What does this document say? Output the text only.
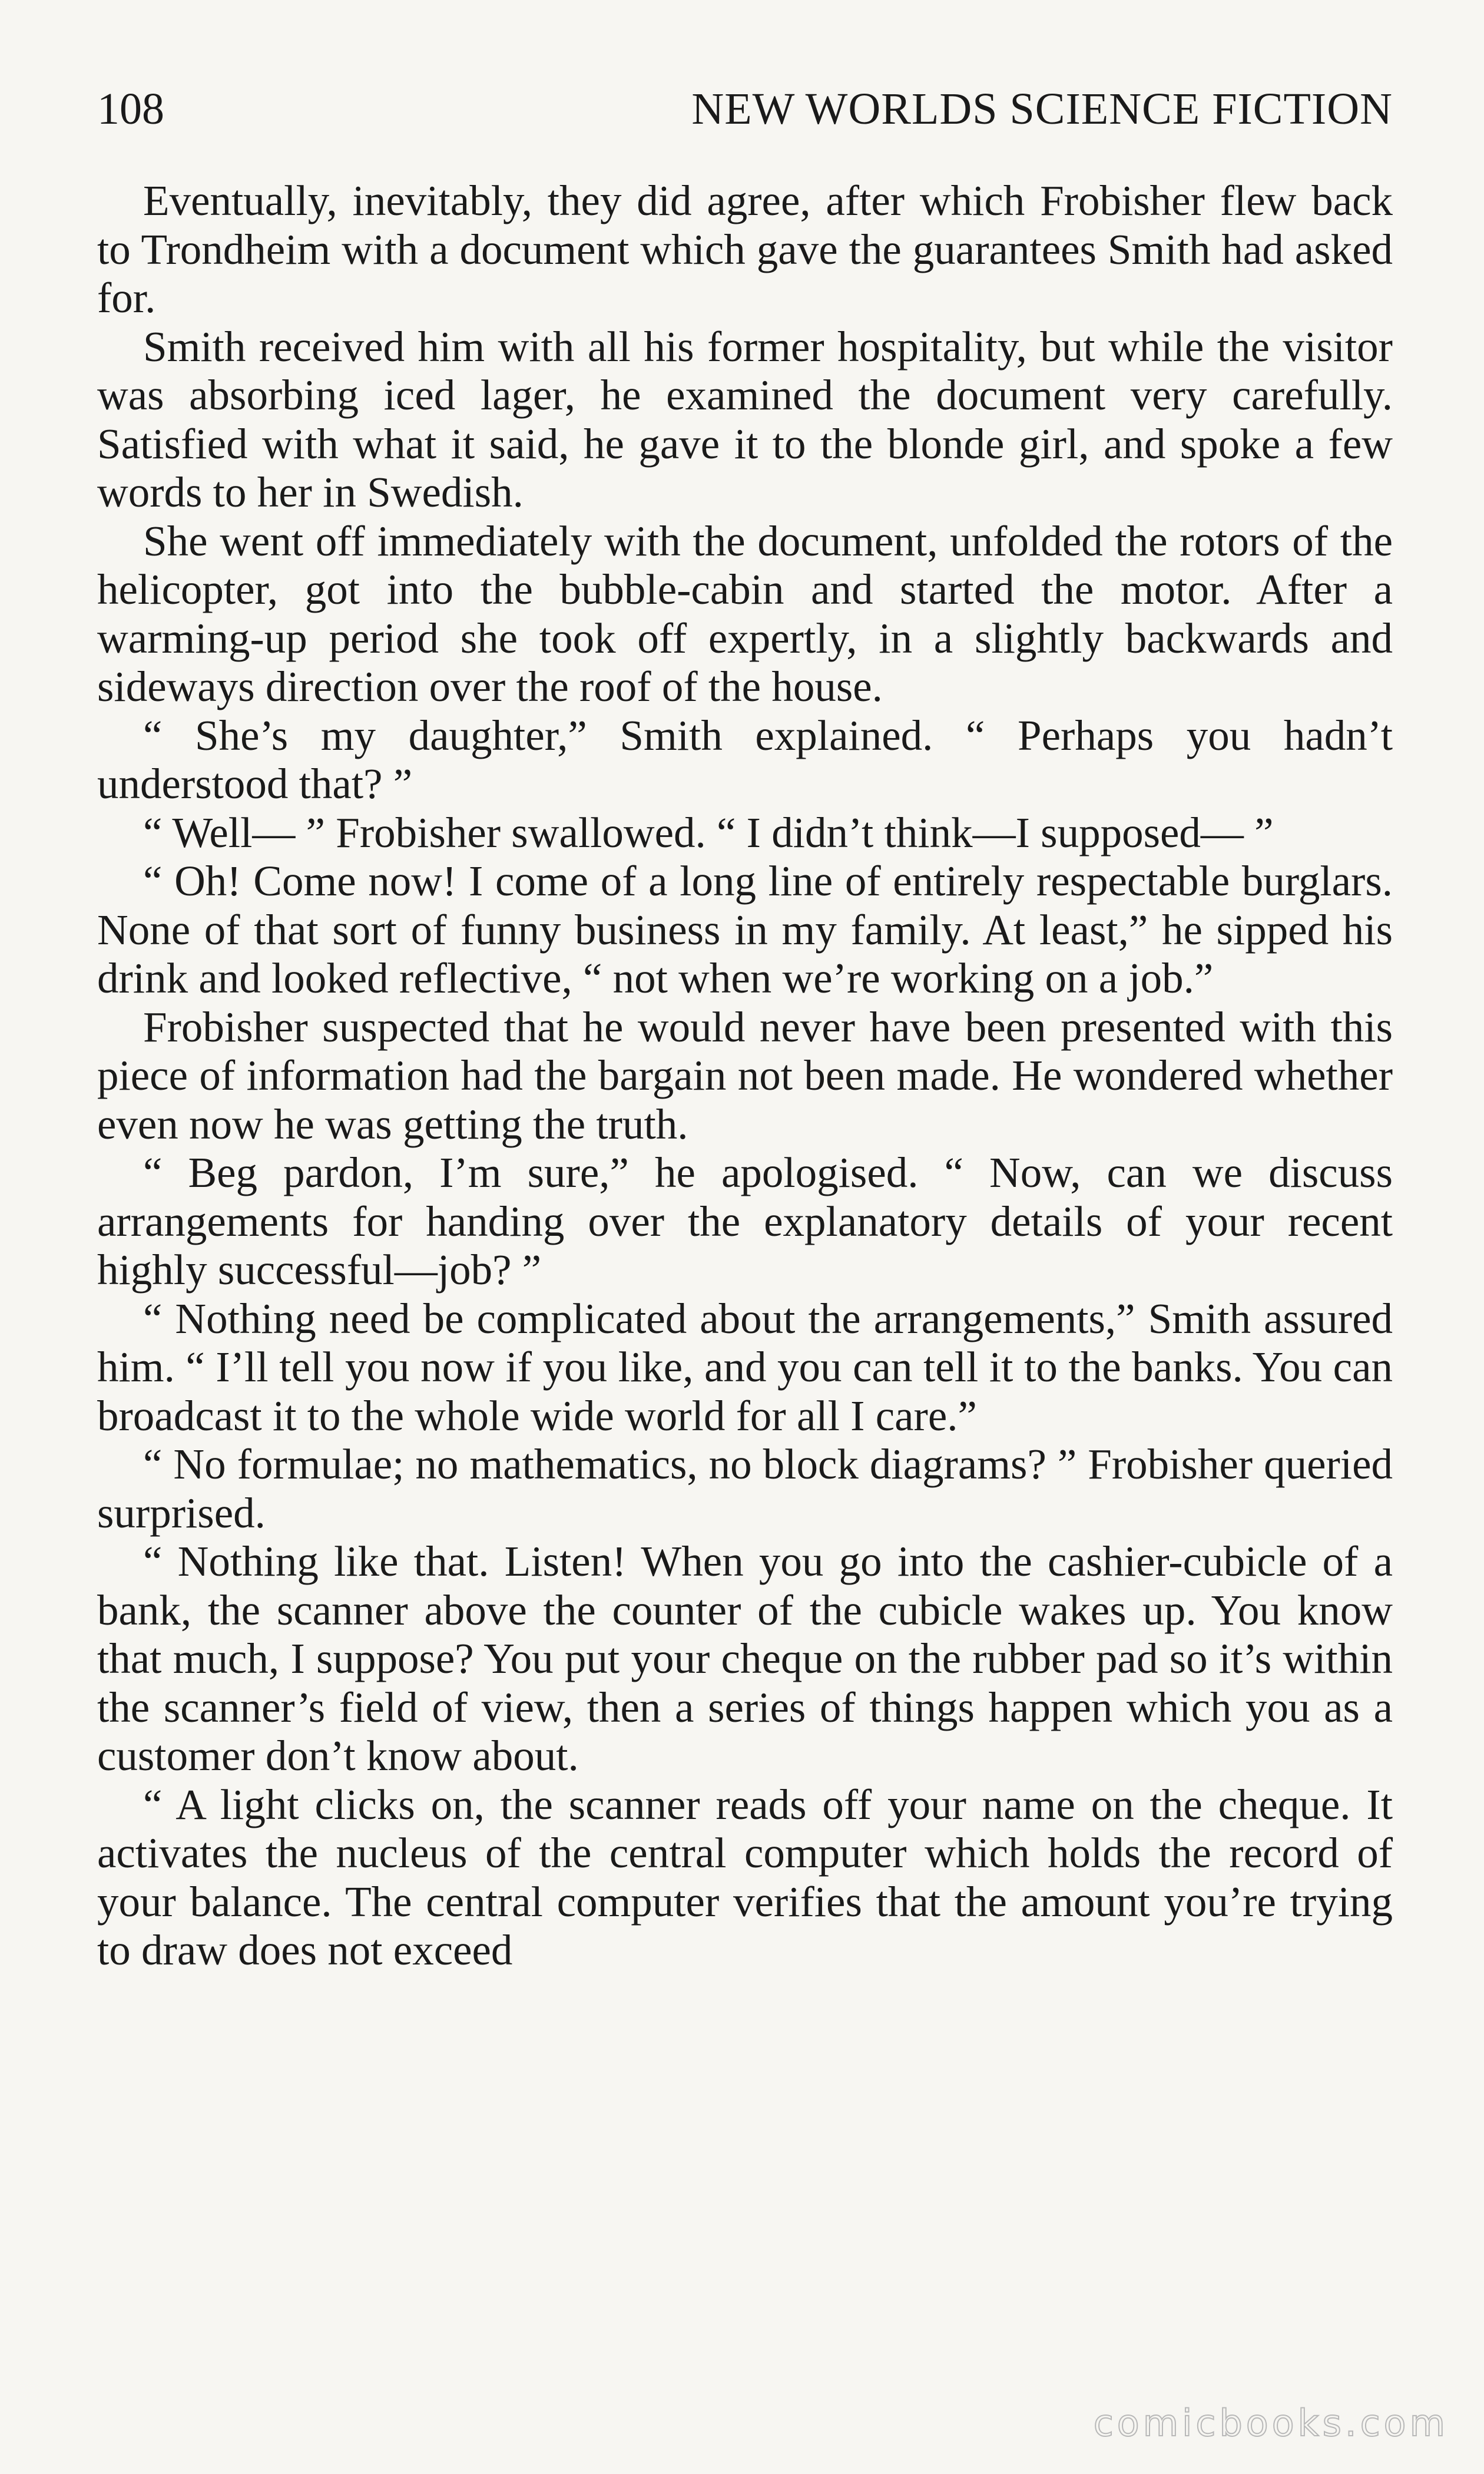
108	NEW WORLDS SCIENCE FICTION

Eventually, inevitably, they did agree, after which Frobisher flew back to Trondheim with a document which gave the guarantees Smith had asked for.

Smith received him with all his former hospitality, but while the visitor was absorbing iced lager, he examined the document very carefully. Satisfied with what it said, he gave it to the blonde girl, and spoke a few words to her in Swedish.

She went off immediately with the document, unfolded the rotors of the helicopter, got into the bubble-cabin and started the motor. After a warming-up period she took off expertly, in a slightly backwards and sideways direction over the roof of the house.

“ She’s my daughter,” Smith explained. “ Perhaps you hadn’t understood that? ”

“ Well— ” Frobisher swallowed. “ I didn’t think—I supposed— ”

“ Oh! Come now! I come of a long line of entirely respectable burglars. None of that sort of funny business in my family. At least,” he sipped his drink and looked reflective, “ not when we’re working on a job.”

Frobisher suspected that he would never have been presented with this piece of information had the bargain not been made. He wondered whether even now he was getting the truth.

“ Beg pardon, I’m sure,” he apologised. “ Now, can we discuss arrangements for handing over the explanatory details of your recent highly successful—job? ”

“ Nothing need be complicated about the arrangements,” Smith assured him. “ I’ll tell you now if you like, and you can tell it to the banks. You can broadcast it to the whole wide world for all I care.”

“ No formulae; no mathematics, no block diagrams? ” Frobisher queried surprised.

“ Nothing like that. Listen! When you go into the cashier-cubicle of a bank, the scanner above the counter of the cubicle wakes up. You know that much, I suppose? You put your cheque on the rubber pad so it’s within the scanner’s field of view, then a series of things happen which you as a customer don’t know about.

“ A light clicks on, the scanner reads off your name on the cheque. It activates the nucleus of the central computer which holds the record of your balance. The central computer verifies that the amount you’re trying to draw does not exceed

comicbooks.com
